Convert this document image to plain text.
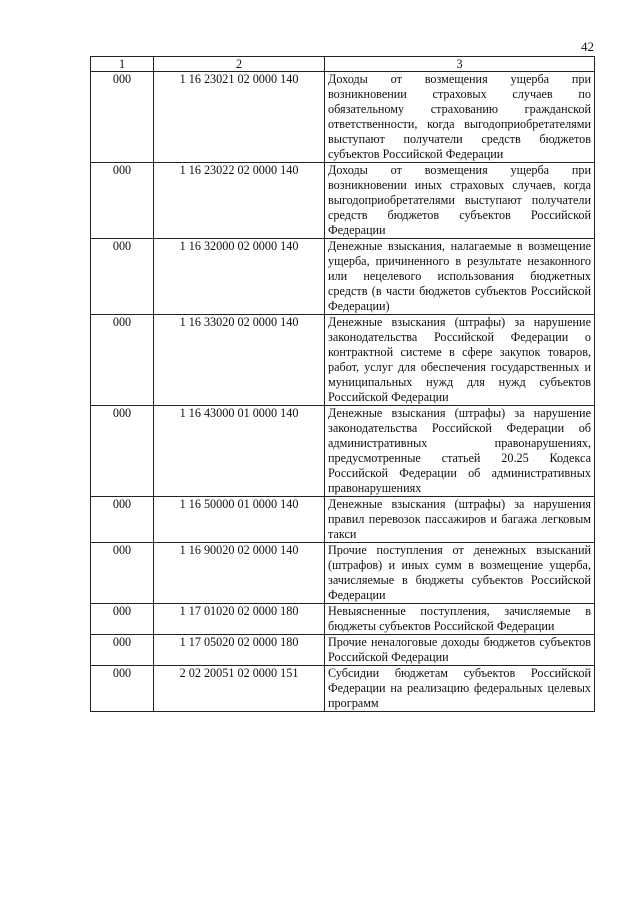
42
1	2	3
000	1 16 23021 02 0000 140	Доходы от возмещения ущерба при возникновении страховых случаев по обязательному страхованию гражданской ответственности, когда выгодоприобретателями выступают получатели средств бюджетов субъектов Российской Федерации
000	1 16 23022 02 0000 140	Доходы от возмещения ущерба при возникновении иных страховых случаев, когда выгодоприобретателями выступают получатели средств бюджетов субъектов Российской Федерации
000	1 16 32000 02 0000 140	Денежные взыскания, налагаемые в возмещение ущерба, причиненного в результате незаконного или нецелевого использования бюджетных средств (в части бюджетов субъектов Российской Федерации)
000	1 16 33020 02 0000 140	Денежные взыскания (штрафы) за нарушение законодательства Российской Федерации о контрактной системе в сфере закупок товаров, работ, услуг для обеспечения государственных и муниципальных нужд для нужд субъектов Российской Федерации
000	1 16 43000 01 0000 140	Денежные взыскания (штрафы) за нарушение законодательства Российской Федерации об административных правонарушениях, предусмотренные статьей 20.25 Кодекса Российской Федерации об административных правонарушениях
000	1 16 50000 01 0000 140	Денежные взыскания (штрафы) за нарушения правил перевозок пассажиров и багажа легковым такси
000	1 16 90020 02 0000 140	Прочие поступления от денежных взысканий (штрафов) и иных сумм в возмещение ущерба, зачисляемые в бюджеты субъектов Российской Федерации
000	1 17 01020 02 0000 180	Невыясненные поступления, зачисляемые в бюджеты субъектов Российской Федерации
000	1 17 05020 02 0000 180	Прочие неналоговые доходы бюджетов субъектов Российской Федерации
000	2 02 20051 02 0000 151	Субсидии бюджетам субъектов Российской Федерации на реализацию федеральных целевых программ
